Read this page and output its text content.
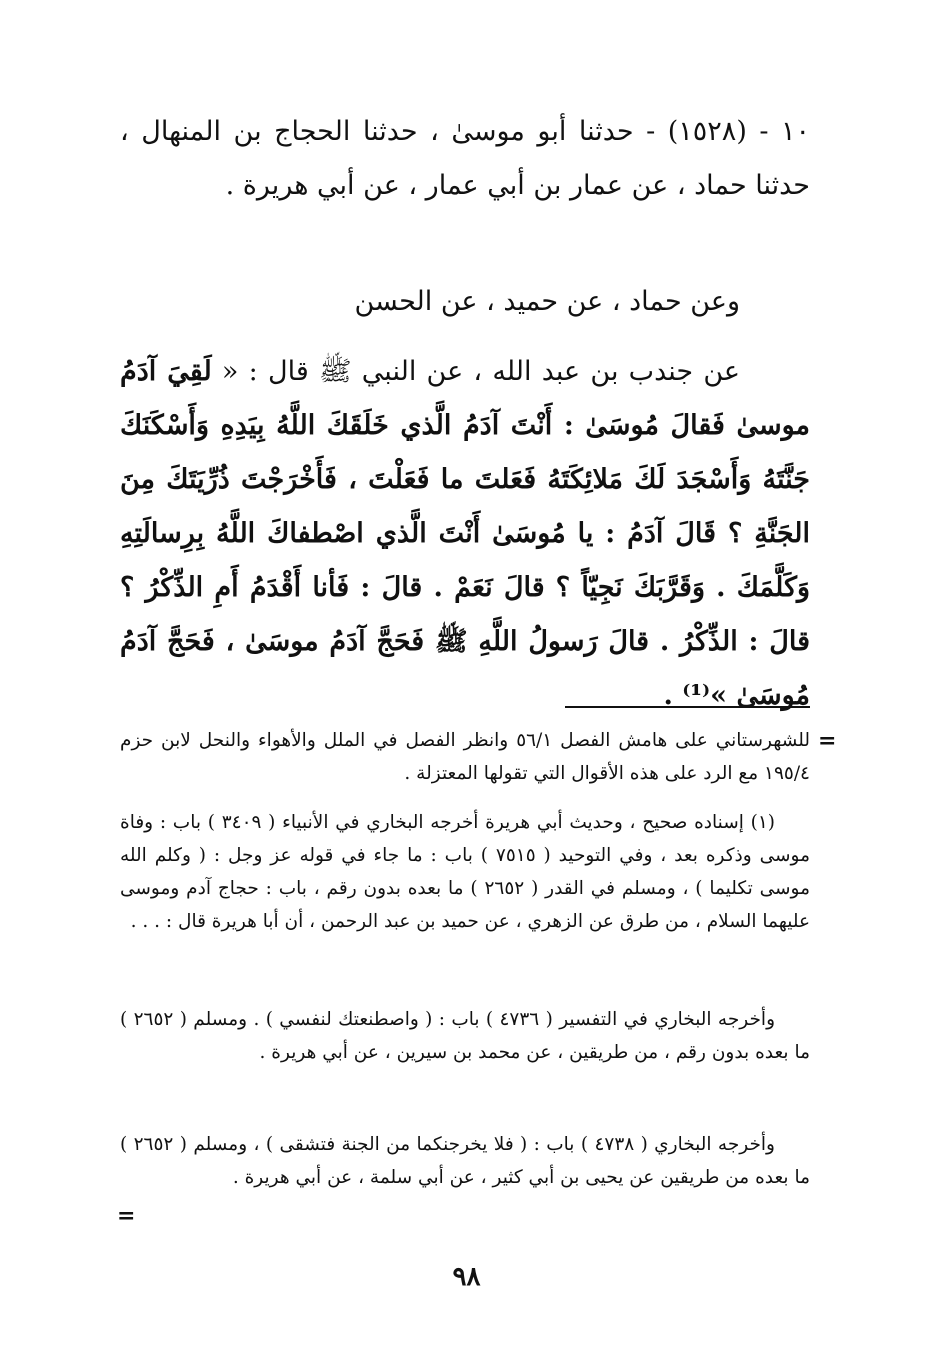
١٠ - (١٥٢٨) - حدثنا أبو موسىٰ ، حدثنا الحجاج بن المنهال ، حدثنا حماد ، عن عمار بن أبي عمار ، عن أبي هريرة .

وعن حماد ، عن حميد ، عن الحسن

عن جندب بن عبد الله ، عن النبي ﷺ قال : « لَقِيَ آدَمُ موسىٰ فَقالَ مُوسَىٰ : أَنْتَ آدَمُ الَّذي خَلَقَكَ اللَّهُ بِيَدِهِ وَأَسْكَنَكَ جَنَّتَهُ وَأَسْجَدَ لَكَ مَلائِكَتَهُ فَعَلتَ ما فَعَلْتَ ، فَأَخْرَجْتَ ذُرِّيَتَكَ مِنَ الجَنَّةِ ؟ قَالَ آدَمُ : يا مُوسَىٰ أَنْتَ الَّذي اصْطفاكَ اللَّهُ بِرِسالَتِهِ وَكَلَّمَكَ . وَقَرَّبَكَ نَجِيّاً ؟ قالَ نَعَمْ . قالَ : فَأنا أَقْدَمُ أَمِ الذِّكْرُ ؟ قالَ : الذِّكْرُ . قالَ رَسولُ اللَّهِ ﷺ فَحَجَّ آدَمُ موسَىٰ ، فَحَجَّ آدَمُ مُوسَىٰ »⁽¹⁾ .

=

للشهرستاني على هامش الفصل ٥٦/١ وانظر الفصل في الملل والأهواء والنحل لابن حزم ١٩٥/٤ مع الرد على هذه الأقوال التي تقولها المعتزلة .

(١) إسناده صحيح ، وحديث أبي هريرة أخرجه البخاري في الأنبياء ( ٣٤٠٩ ) باب : وفاة موسى وذكره بعد ، وفي التوحيد ( ٧٥١٥ ) باب : ما جاء في قوله عز وجل : ( وكلم الله موسى تكليما ) ، ومسلم في القدر ( ٢٦٥٢ ) ما بعده بدون رقم ، باب : حجاج آدم وموسى عليهما السلام ، من طرق عن الزهري ، عن حميد بن عبد الرحمن ، أن أبا هريرة قال : . . .

وأخرجه البخاري في التفسير ( ٤٧٣٦ ) باب : ( واصطنعتك لنفسي ) . ومسلم ( ٢٦٥٢ ) ما بعده بدون رقم ، من طريقين ، عن محمد بن سيرين ، عن أبي هريرة .

وأخرجه البخاري ( ٤٧٣٨ ) باب : ( فلا يخرجنكما من الجنة فتشقى ) ، ومسلم ( ٢٦٥٢ ) ما بعده من طريقين عن يحيى بن أبي كثير ، عن أبي سلمة ، عن أبي هريرة .

=
٩٨
